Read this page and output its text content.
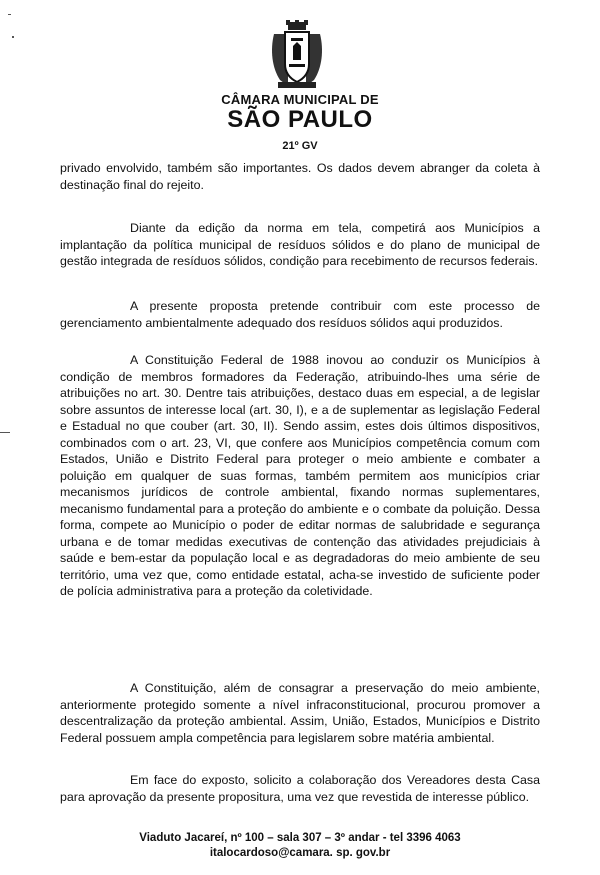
CÂMARA MUNICIPAL DE
SÃO PAULO
21º GV

privado envolvido, também são importantes. Os dados devem abranger da coleta à destinação final do rejeito.

Diante da edição da norma em tela, competirá aos Municípios a implantação da política municipal de resíduos sólidos e do plano de municipal de gestão integrada de resíduos sólidos, condição para recebimento de recursos federais.

A presente proposta pretende contribuir com este processo de gerenciamento ambientalmente adequado dos resíduos sólidos aqui produzidos.

A Constituição Federal de 1988 inovou ao conduzir os Municípios à condição de membros formadores da Federação, atribuindo-lhes uma série de atribuições no art. 30. Dentre tais atribuições, destaco duas em especial, a de legislar sobre assuntos de interesse local (art. 30, I), e a de suplementar as legislação Federal e Estadual no que couber (art. 30, II). Sendo assim, estes dois últimos dispositivos, combinados com o art. 23, VI, que confere aos Municípios competência comum com Estados, União e Distrito Federal para proteger o meio ambiente e combater a poluição em qualquer de suas formas, também permitem aos municípios criar mecanismos jurídicos de controle ambiental, fixando normas suplementares, mecanismo fundamental para a proteção do ambiente e o combate da poluição. Dessa forma, compete ao Município o poder de editar normas de salubridade e segurança urbana e de tomar medidas executivas de contenção das atividades prejudiciais à saúde e bem-estar da população local e as degradadoras do meio ambiente de seu território, uma vez que, como entidade estatal, acha-se investido de suficiente poder de polícia administrativa para a proteção da coletividade.

A Constituição, além de consagrar a preservação do meio ambiente, anteriormente protegido somente a nível infraconstitucional, procurou promover a descentralização da proteção ambiental. Assim, União, Estados, Municípios e Distrito Federal possuem ampla competência para legislarem sobre matéria ambiental.

Em face do exposto, solicito a colaboração dos Vereadores desta Casa para aprovação da presente propositura, uma vez que revestida de interesse público.

Viaduto Jacareí, nº 100 – sala 307 – 3º andar - tel 3396 4063
italocardoso@camara. sp. gov.br
